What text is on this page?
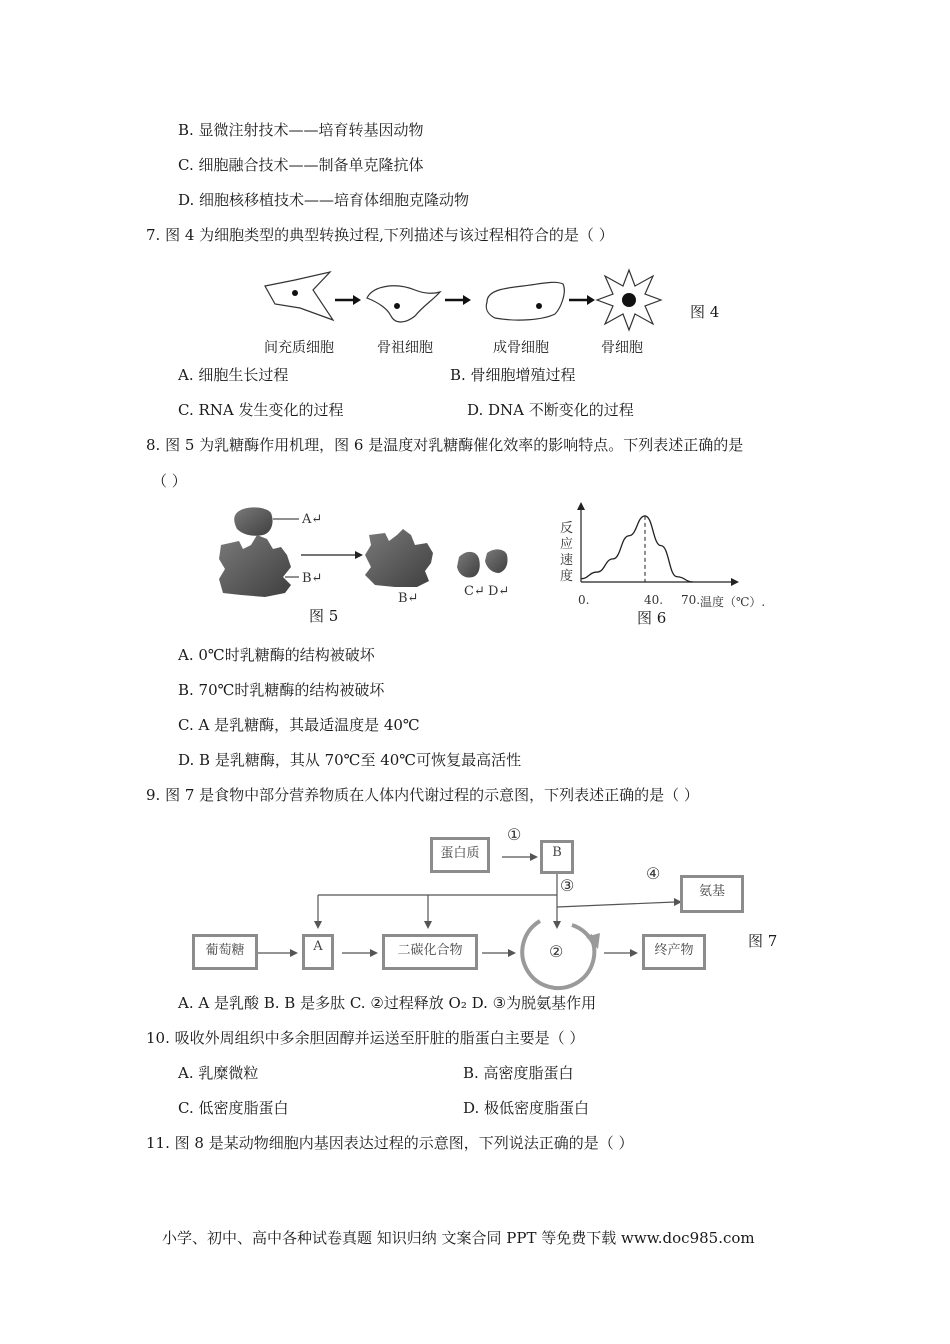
B. 显微注射技术——培育转基因动物
C. 细胞融合技术——制备单克隆抗体
D. 细胞核移植技术——培育体细胞克隆动物
7. 图 4 为细胞类型的典型转换过程,下列描述与该过程相符合的是（ ）
间充质细胞	骨祖细胞	成骨细胞	骨细胞
图 4
A. 细胞生长过程	B. 骨细胞增殖过程
C. RNA 发生变化的过程	D. DNA 不断变化的过程
8. 图 5 为乳糖酶作用机理，图 6 是温度对乳糖酶催化效率的影响特点。下列表述正确的是
（ ）
A↵
B↵
B↵	C↵ D↵
图 5
反
应
速
度
0.	40. 70. 温度（℃）.
图 6
A. 0℃时乳糖酶的结构被破坏
B. 70℃时乳糖酶的结构被破坏
C. A 是乳糖酶，其最适温度是 40℃
D. B 是乳糖酶，其从 70℃至 40℃可恢复最高活性
9. 图 7 是食物中部分营养物质在人体内代谢过程的示意图，下列表述正确的是（ ）
蛋白质	B
氨基
葡萄糖	A	二碳化合物	终产物
①
③
④
②
图 7
A. A 是乳酸 B. B 是多肽 C. ②过程释放 O₂ D. ③为脱氨基作用
10. 吸收外周组织中多余胆固醇并运送至肝脏的脂蛋白主要是（ ）
A. 乳糜微粒	B. 高密度脂蛋白
C. 低密度脂蛋白	D. 极低密度脂蛋白
11. 图 8 是某动物细胞内基因表达过程的示意图，下列说法正确的是（ ）
小学、初中、高中各种试卷真题 知识归纳 文案合同 PPT 等免费下载 www.doc985.com
